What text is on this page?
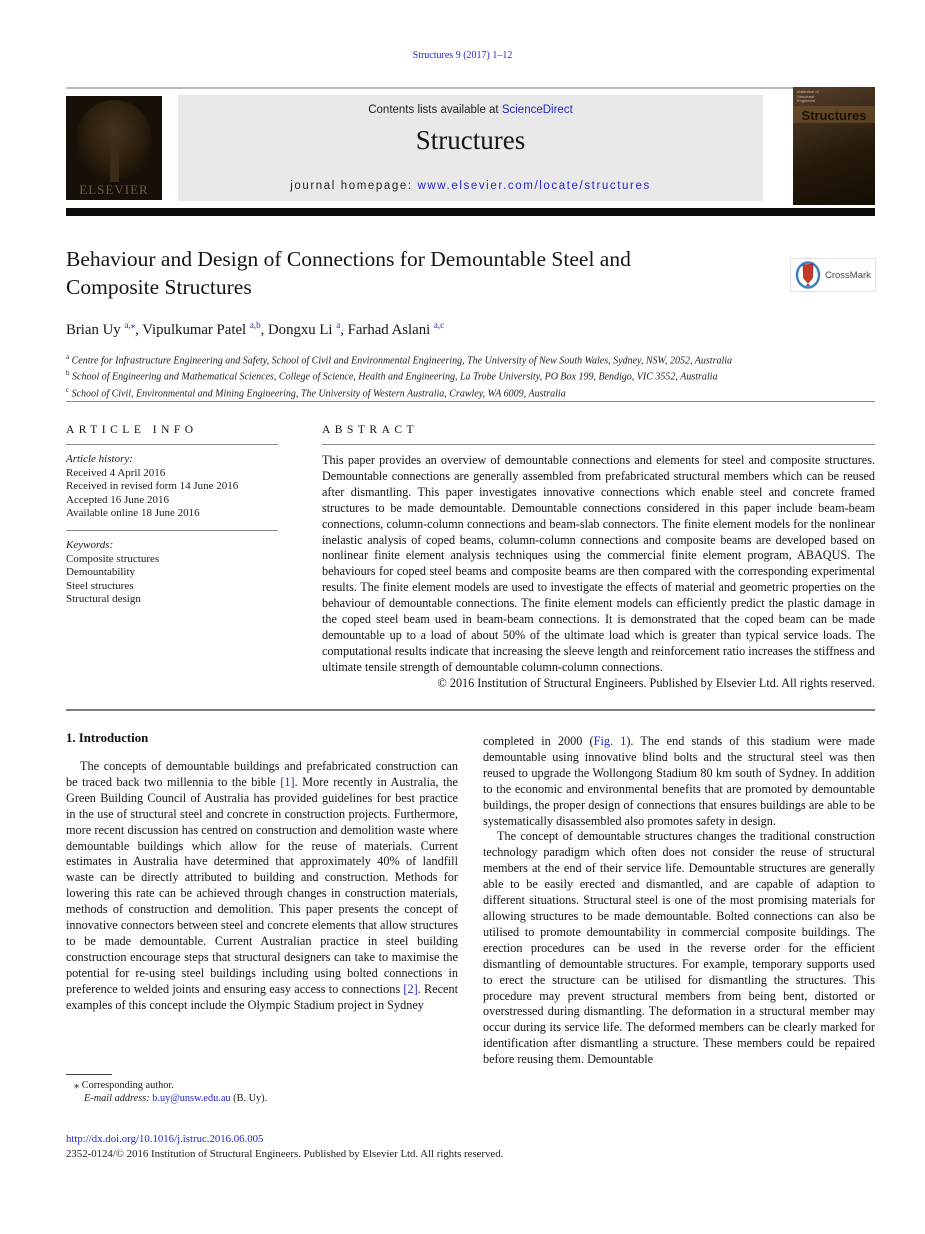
Structures 9 (2017) 1–12
ELSEVIER
Contents lists available at ScienceDirect
Structures
journal homepage: www.elsevier.com/locate/structures
Institution of Structural Engineers
Structures
Behaviour and Design of Connections for Demountable Steel and Composite Structures	CrossMark
Brian Uy $^{a,⁎}$, Vipulkumar Patel $^{a,b}$, Dongxu Li $^a$, Farhad Aslani $^{a,c}$
$^a$ Centre for Infrastructure Engineering and Safety, School of Civil and Environmental Engineering, The University of New South Wales, Sydney, NSW, 2052, Australia
$^b$ School of Engineering and Mathematical Sciences, College of Science, Health and Engineering, La Trobe University, PO Box 199, Bendigo, VIC 3552, Australia
$^c$ School of Civil, Environmental and Mining Engineering, The University of Western Australia, Crawley, WA 6009, Australia
ARTICLE INFO
Article history:
Received 4 April 2016
Received in revised form 14 June 2016
Accepted 16 June 2016
Available online 18 June 2016
Keywords:
Composite structures
Demountability
Steel structures
Structural design
ABSTRACT
This paper provides an overview of demountable connections and elements for steel and composite structures. Demountable connections are generally assembled from prefabricated structural members which can be reused after dismantling. This paper investigates innovative connections which enable steel and concrete framed structures to be made demountable. Demountable connections considered in this paper include beam-beam connections, column-column connections and beam-slab connectors. The finite element models for the nonlinear inelastic analysis of coped beams, column-column connections and composite beams are developed based on nonlinear finite element analysis techniques using the commercial finite element program, ABAQUS. The behaviours for coped steel beams and composite beams are then compared with the corresponding experimental results. The finite element models are used to investigate the effects of material and geometric properties on the behaviour of demountable connections. The finite element models can efficiently predict the plastic damage in the coped steel beam used in beam-beam connections. It is demonstrated that the coped beam can be made demountable up to a load of about 50% of the ultimate load which is greater than typical service loads. The computational results indicate that increasing the sleeve length and reinforcement ratio increases the stiffness and ultimate tensile strength of demountable column-column connections.
© 2016 Institution of Structural Engineers. Published by Elsevier Ltd. All rights reserved.
1. Introduction
The concepts of demountable buildings and prefabricated construction can be traced back two millennia to the bible [1]. More recently in Australia, the Green Building Council of Australia has provided guidelines for best practice in the use of structural steel and concrete in construction projects. Furthermore, more recent discussion has centred on construction and demolition waste where demountable buildings which allow for the reuse of materials. Current estimates in Australia have determined that approximately 40% of landfill waste can be directly attributed to building and construction. Methods for lowering this rate can be achieved through changes in construction materials, methods of construction and demolition. This paper presents the concept of innovative connectors between steel and concrete elements that allow structures to be made demountable. Current Australian practice in steel building construction encourage steps that structural designers can take to maximise the potential for re-using steel buildings including using bolted connections in preference to welded joints and ensuring easy access to connections [2]. Recent examples of this concept include the Olympic Stadium project in Sydney

completed in 2000 (Fig. 1). The end stands of this stadium were made demountable using innovative blind bolts and the structural steel was then reused to upgrade the Wollongong Stadium 80 km south of Sydney. In addition to the economic and environmental benefits that are promoted by demountable buildings, the proper design of connections that ensures buildings are able to be systematically disassembled also promotes safety in design.

The concept of demountable structures changes the traditional construction technology paradigm which often does not consider the reuse of structural members at the end of their service life. Demountable structures are generally able to be easily erected and dismantled, and are capable of adaption to different situations. Structural steel is one of the most promising materials for allowing structures to be made demountable. Bolted connections can also be utilised to promote demountability in commercial composite buildings. The erection procedures can be used in the reverse order for the efficient dismantling of demountable structures. For example, temporary supports used to erect the structure can be utilised for dismantling the structures. This procedure may prevent structural members from being bent, distorted or overstressed during dismantling. The deformation in a structural member may occur during its service life. The deformed members can be clearly marked for identification after dismantling a structure. These members could be repaired before reusing them. Demountable

⁎ Corresponding author.
E-mail address: b.uy@unsw.edu.au (B. Uy).
http://dx.doi.org/10.1016/j.istruc.2016.06.005
2352-0124/© 2016 Institution of Structural Engineers. Published by Elsevier Ltd. All rights reserved.
